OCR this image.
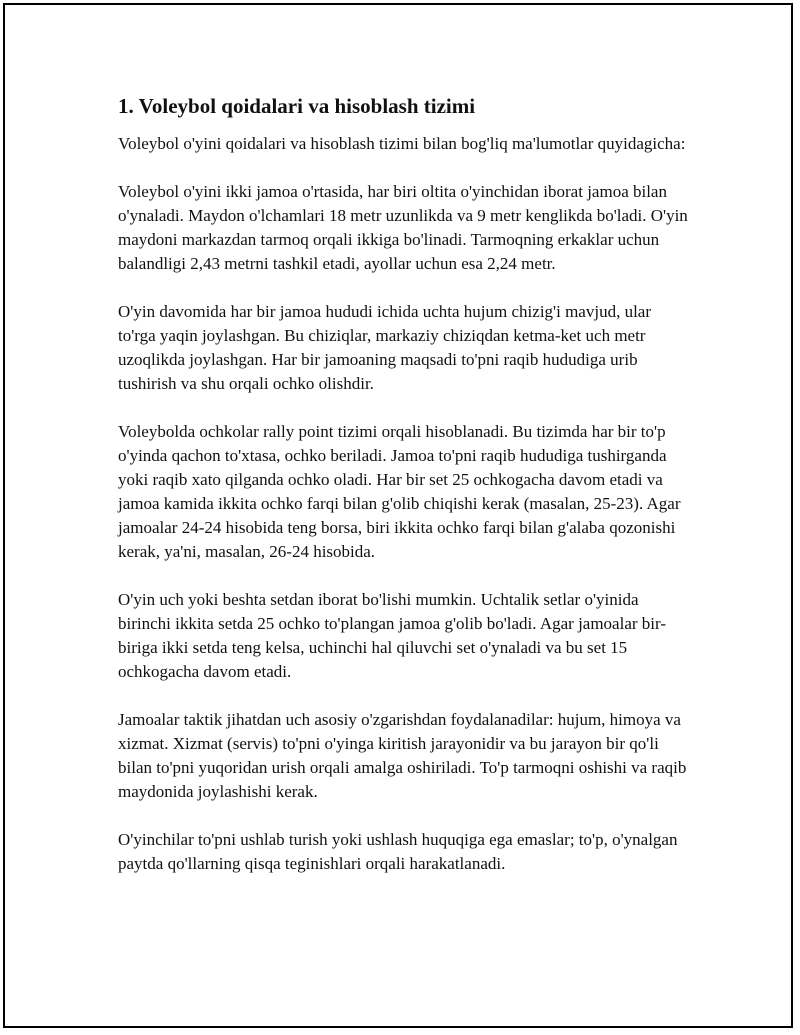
1. Voleybol qoidalari va hisoblash tizimi

Voleybol o'yini qoidalari va hisoblash tizimi bilan bog'liq ma'lumotlar quyidagicha:

Voleybol o'yini ikki jamoa o'rtasida, har biri oltita o'yinchidan iborat jamoa bilan o'ynaladi. Maydon o'lchamlari 18 metr uzunlikda va 9 metr kenglikda bo'ladi. O'yin maydoni markazdan tarmoq orqali ikkiga bo'linadi. Tarmoqning erkaklar uchun balandligi 2,43 metrni tashkil etadi, ayollar uchun esa 2,24 metr.

O'yin davomida har bir jamoa hududi ichida uchta hujum chizig'i mavjud, ular to'rga yaqin joylashgan. Bu chiziqlar, markaziy chiziqdan ketma-ket uch metr uzoqlikda joylashgan. Har bir jamoaning maqsadi to'pni raqib hududiga urib tushirish va shu orqali ochko olishdir.

Voleybolda ochkolar rally point tizimi orqali hisoblanadi. Bu tizimda har bir to'p o'yinda qachon to'xtasa, ochko beriladi. Jamoa to'pni raqib hududiga tushirganda yoki raqib xato qilganda ochko oladi. Har bir set 25 ochkogacha davom etadi va jamoa kamida ikkita ochko farqi bilan g'olib chiqishi kerak (masalan, 25-23). Agar jamoalar 24-24 hisobida teng borsa, biri ikkita ochko farqi bilan g'alaba qozonishi kerak, ya'ni, masalan, 26-24 hisobida.

O'yin uch yoki beshta setdan iborat bo'lishi mumkin. Uchtalik setlar o'yinida birinchi ikkita setda 25 ochko to'plangan jamoa g'olib bo'ladi. Agar jamoalar bir-biriga ikki setda teng kelsa, uchinchi hal qiluvchi set o'ynaladi va bu set 15 ochkogacha davom etadi.

Jamoalar taktik jihatdan uch asosiy o'zgarishdan foydalanadilar: hujum, himoya va xizmat. Xizmat (servis) to'pni o'yinga kiritish jarayonidir va bu jarayon bir qo'li bilan to'pni yuqoridan urish orqali amalga oshiriladi. To'p tarmoqni oshishi va raqib maydonida joylashishi kerak.

O'yinchilar to'pni ushlab turish yoki ushlash huquqiga ega emaslar; to'p, o'ynalgan paytda qo'llarning qisqa teginishlari orqali harakatlanadi.
